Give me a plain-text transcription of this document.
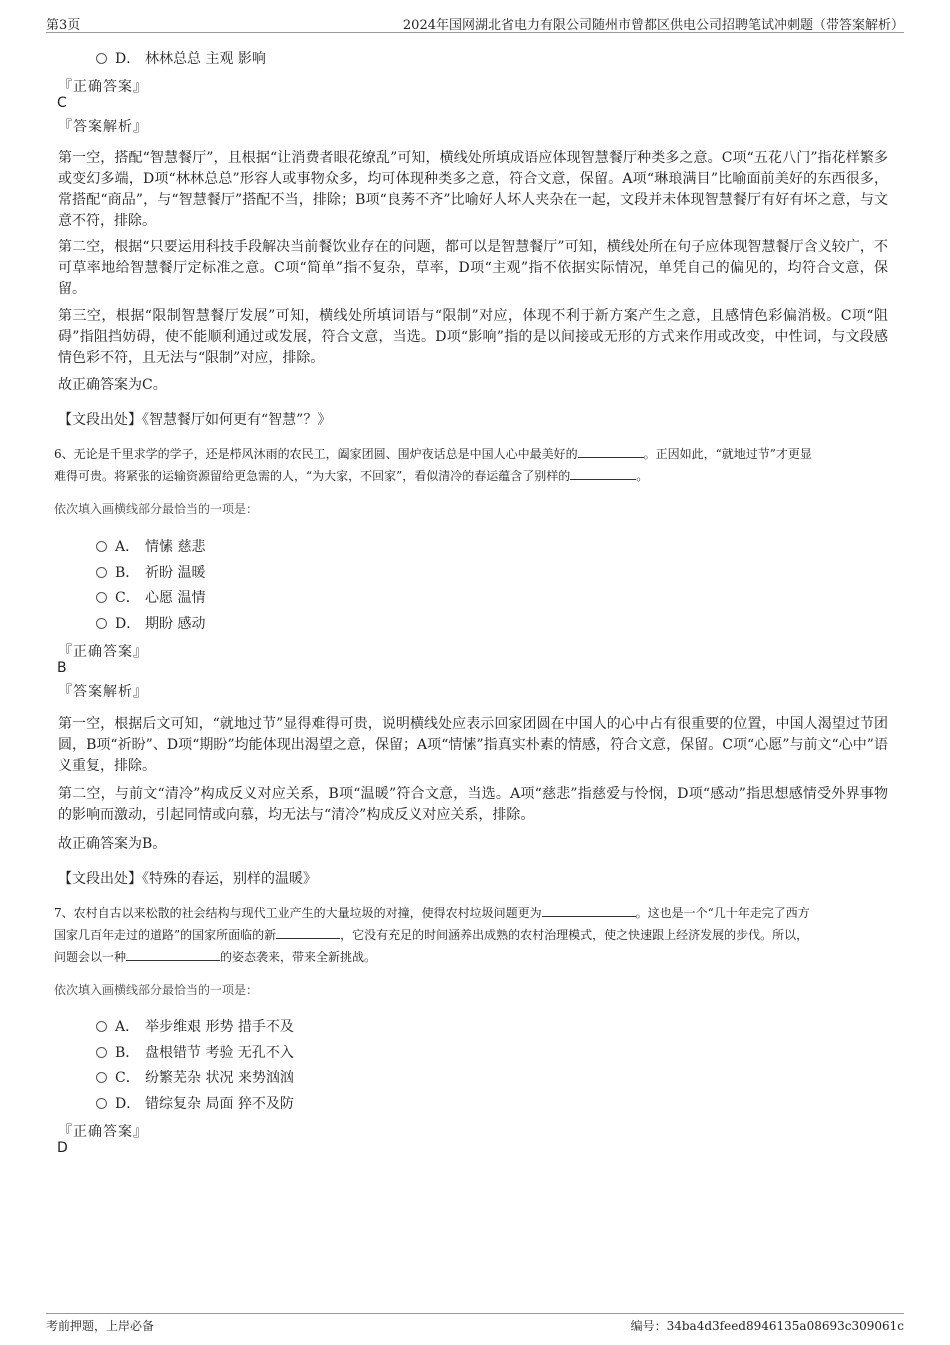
第3页	2024年国网湖北省电力有限公司随州市曾都区供电公司招聘笔试冲刺题（带答案解析）
D． 林林总总 主观 影响
『正确答案』
C
『答案解析』
第一空，搭配“智慧餐厅”，且根据“让消费者眼花缭乱”可知，横线处所填成语应体现智慧餐厅种类多之意。C项“五花八门”指花样繁多或变幻多端，D项“林林总总”形容人或事物众多，均可体现种类多之意，符合文意，保留。A项“琳琅满目”比喻面前美好的东西很多，常搭配“商品”，与“智慧餐厅”搭配不当，排除；B项“良莠不齐”比喻好人坏人夹杂在一起，文段并未体现智慧餐厅有好有坏之意，与文意不符，排除。
第二空，根据“只要运用科技手段解决当前餐饮业存在的问题，都可以是智慧餐厅”可知，横线处所在句子应体现智慧餐厅含义较广，不可草率地给智慧餐厅定标准之意。C项“简单”指不复杂，草率，D项“主观”指不依据实际情况，单凭自己的偏见的，均符合文意，保留。
第三空，根据“限制智慧餐厅发展”可知，横线处所填词语与“限制”对应，体现不利于新方案产生之意，且感情色彩偏消极。C项“阻碍”指阻挡妨碍，使不能顺利通过或发展，符合文意，当选。D项“影响”指的是以间接或无形的方式来作用或改变，中性词，与文段感情色彩不符，且无法与“限制”对应，排除。
故正确答案为C。
【文段出处】《智慧餐厅如何更有“智慧”？》
6、无论是千里求学的学子，还是栉风沐雨的农民工，阖家团圆、围炉夜话总是中国人心中最美好的	。正因如此，“就地过节”才更显
难得可贵。将紧张的运输资源留给更急需的人，“为大家，不回家”，看似清冷的春运蕴含了别样的	。
依次填入画横线部分最恰当的一项是：
A． 情愫 慈悲
B． 祈盼 温暖
C． 心愿 温情
D． 期盼 感动
『正确答案』
B
『答案解析』
第一空，根据后文可知，“就地过节”显得难得可贵，说明横线处应表示回家团圆在中国人的心中占有很重要的位置，中国人渴望过节团圆，B项“祈盼”、D项“期盼”均能体现出渴望之意，保留；A项“情愫”指真实朴素的情感，符合文意，保留。C项“心愿”与前文“心中”语义重复，排除。
第二空，与前文“清冷”构成反义对应关系，B项“温暖”符合文意，当选。A项“慈悲”指慈爱与怜悯，D项“感动”指思想感情受外界事物的影响而激动，引起同情或向慕，均无法与“清冷”构成反义对应关系，排除。
故正确答案为B。
【文段出处】《特殊的春运，别样的温暖》
7、农村自古以来松散的社会结构与现代工业产生的大量垃圾的对撞，使得农村垃圾问题更为	。这也是一个“几十年走完了西方
国家几百年走过的道路”的国家所面临的新	，它没有充足的时间涵养出成熟的农村治理模式，使之快速跟上经济发展的步伐。所以，
问题会以一种	的姿态袭来，带来全新挑战。
依次填入画横线部分最恰当的一项是：
A． 举步维艰 形势 措手不及
B． 盘根错节 考验 无孔不入
C． 纷繁芜杂 状况 来势汹汹
D． 错综复杂 局面 猝不及防
『正确答案』
D
考前押题，上岸必备	编号：34ba4d3feed8946135a08693c309061c
